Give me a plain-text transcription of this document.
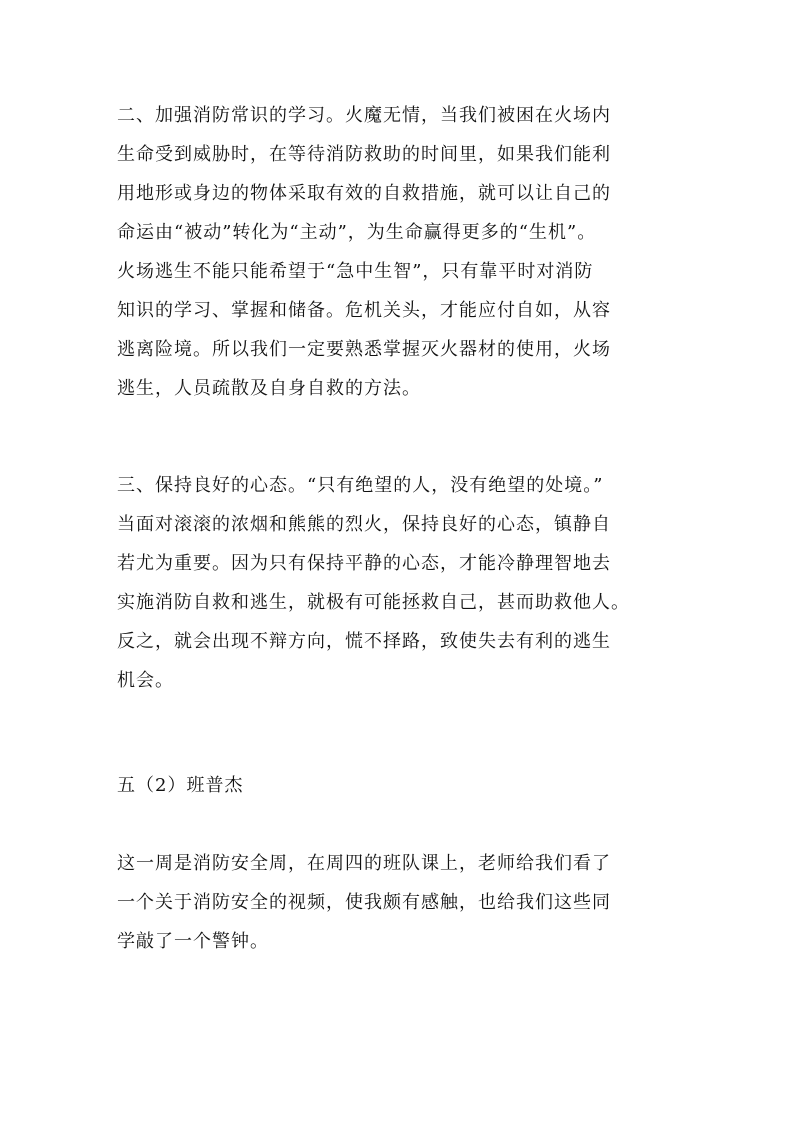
二、加强消防常识的学习。火魔无情，当我们被困在火场内
生命受到威胁时，在等待消防救助的时间里，如果我们能利
用地形或身边的物体采取有效的自救措施，就可以让自己的
命运由“被动”转化为“主动”，为生命赢得更多的“生机”。
火场逃生不能只能希望于“急中生智”，只有靠平时对消防
知识的学习、掌握和储备。危机关头，才能应付自如，从容
逃离险境。所以我们一定要熟悉掌握灭火器材的使用，火场
逃生，人员疏散及自身自救的方法。
三、保持良好的心态。“只有绝望的人，没有绝望的处境。”
当面对滚滚的浓烟和熊熊的烈火，保持良好的心态，镇静自
若尤为重要。因为只有保持平静的心态，才能冷静理智地去
实施消防自救和逃生，就极有可能拯救自己，甚而助救他人。
反之，就会出现不辩方向，慌不择路，致使失去有利的逃生
机会。
五（2）班普杰
这一周是消防安全周，在周四的班队课上，老师给我们看了
一个关于消防安全的视频，使我颇有感触，也给我们这些同
学敲了一个警钟。
